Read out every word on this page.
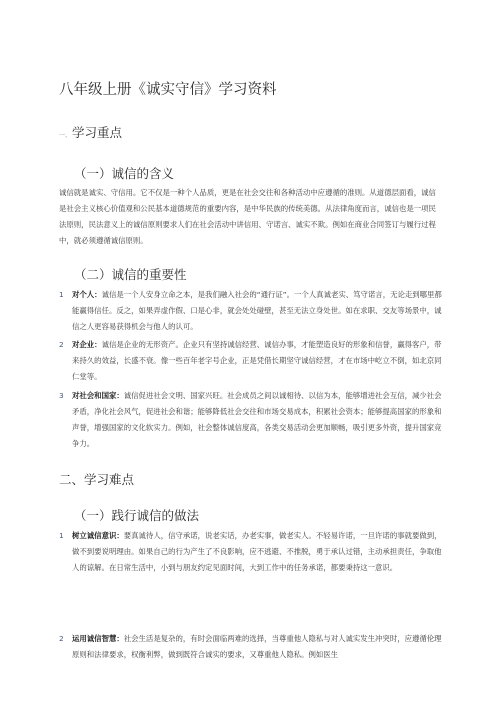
八年级上册《诚实守信》学习资料
一、学习重点
（一）诚信的含义

诚信就是诚实、守信用。它不仅是一种个人品质，更是在社会交往和各种活动中应遵循的准则。从道德层面看，诚信是社会主义核心价值观和公民基本道德规范的重要内容，是中华民族的传统美德。从法律角度而言，诚信也是一项民法原则，民法意义上的诚信原则要求人们在社会活动中讲信用、守诺言、诚实不欺。例如在商业合同签订与履行过程中，就必须遵循诚信原则。

（二）诚信的重要性
1	对个人：诚信是一个人安身立命之本，是我们融入社会的“通行证”。一个人真诚老实、笃守诺言，无论走到哪里都能赢得信任。反之，如果弄虚作假、口是心非，就会处处碰壁，甚至无法立身处世。如在求职、交友等场景中，诚信之人更容易获得机会与他人的认可。
2	对企业：诚信是企业的无形资产。企业只有坚持诚信经营、诚信办事，才能塑造良好的形象和信誉，赢得客户，带来持久的效益，长盛不衰。像一些百年老字号企业，正是凭借长期坚守诚信经营，才在市场中屹立不倒，如北京同仁堂等。
3	对社会和国家：诚信促进社会文明、国家兴旺。社会成员之间以诚相待、以信为本，能够增进社会互信，减少社会矛盾，净化社会风气，促进社会和谐；能够降低社会交往和市场交易成本，积累社会资本；能够提高国家的形象和声誉，增强国家的文化软实力。例如，社会整体诚信度高，各类交易活动会更加顺畅，吸引更多外资，提升国家竞争力。
二、学习难点
（一）践行诚信的做法
1	树立诚信意识：要真诚待人，信守承诺，说老实话，办老实事，做老实人。不轻易许诺，一旦许诺的事就要做到，做不到要说明理由。如果自己的行为产生了不良影响，应不逃避、不推脱，勇于承认过错，主动承担责任，争取他人的谅解。在日常生活中，小到与朋友约定见面时间，大到工作中的任务承诺，都要秉持这一意识。
2	运用诚信智慧：社会生活是复杂的，有时会面临两难的选择，当尊重他人隐私与对人诚实发生冲突时，应遵循伦理原则和法律要求，权衡利弊，做到既符合诚实的要求，又尊重他人隐私。例如医生
